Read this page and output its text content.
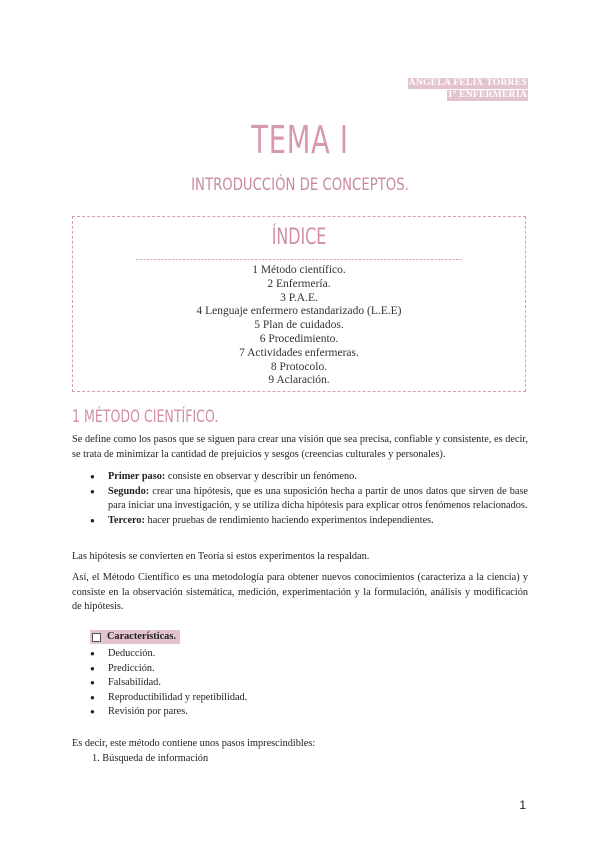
ÁNGELA FÉLIX TORRES
1º ENFERMERÍA
TEMA I
INTRODUCCIÓN DE CONCEPTOS.
ÍNDICE
1 Método científico.
2 Enfermería.
3 P.A.E.
4 Lenguaje enfermero estandarizado (L.E.E)
5 Plan de cuidados.
6 Procedimiento.
7 Actividades enfermeras.
8 Protocolo.
9 Aclaración.
1 MÉTODO CIENTÍFICO.

Se define como los pasos que se siguen para crear una visión que sea precisa, confiable y consistente, es decir, se trata de minimizar la cantidad de prejuicios y sesgos (creencias culturales y personales).

● Primer paso: consiste en observar y describir un fenómeno.
● Segundo: crear una hipótesis, que es una suposición hecha a partir de unos datos que sirven de base para iniciar una investigación, y se utiliza dicha hipótesis para explicar otros fenómenos relacionados.
● Tercero: hacer pruebas de rendimiento haciendo experimentos independientes.

Las hipótesis se convierten en Teoría si estos experimentos la respaldan.

Así, el Método Científico es una metodología para obtener nuevos conocimientos (caracteriza a la ciencia) y consiste en la observación sistemática, medición, experimentación y la formulación, análisis y modificación de hipótesis.

Características.
● Deducción.
● Predicción.
● Falsabilidad.
● Reproductibilidad y repetibilidad.
● Revisión por pares.

Es decir, este método contiene unos pasos imprescindibles:

1. Búsqueda de información
1
